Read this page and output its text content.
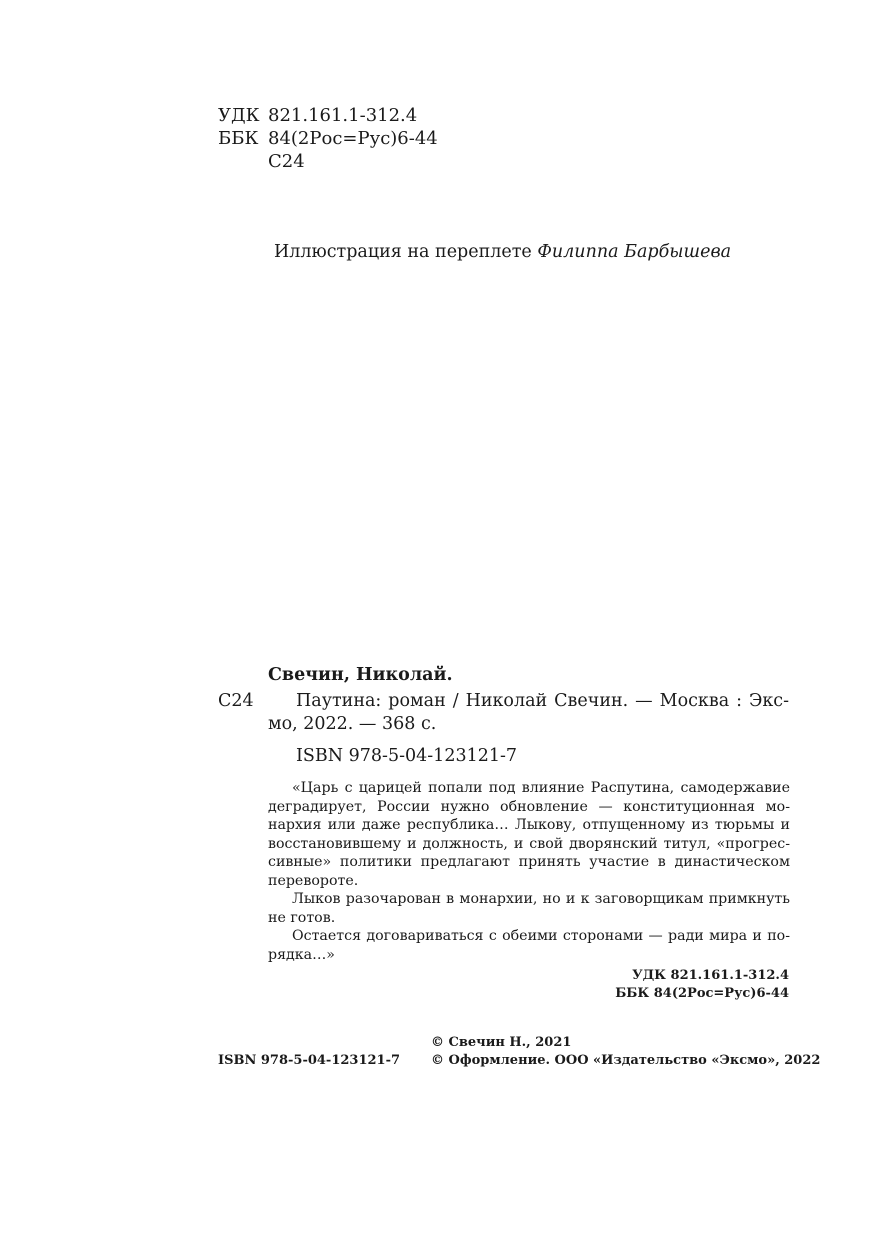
УДК 821.161.1-312.4
ББК 84(2Рос=Рус)6-44
С24
Иллюстрация на переплете Филиппа Барбышева
Свечин, Николай.
С24 Паутина: роман / Николай Свечин. — Москва : Экс-
мо, 2022. — 368 с.
ISBN 978-5-04-123121-7
«Царь с царицей попали под влияние Распутина, самодержавие
деградирует, России нужно обновление — конституционная мо-
нархия или даже республика… Лыкову, отпущенному из тюрьмы и
восстановившему и должность, и свой дворянский титул, «прогрес-
сивные» политики предлагают принять участие в династическом
перевороте.
Лыков разочарован в монархии, но и к заговорщикам примкнуть
не готов.
Остается договариваться с обеими сторонами — ради мира и по-
рядка…»
УДК 821.161.1-312.4
ББК 84(2Рос=Рус)6-44
© Свечин Н., 2021
ISBN 978-5-04-123121-7 © Оформление. ООО «Издательство «Эксмо», 2022
